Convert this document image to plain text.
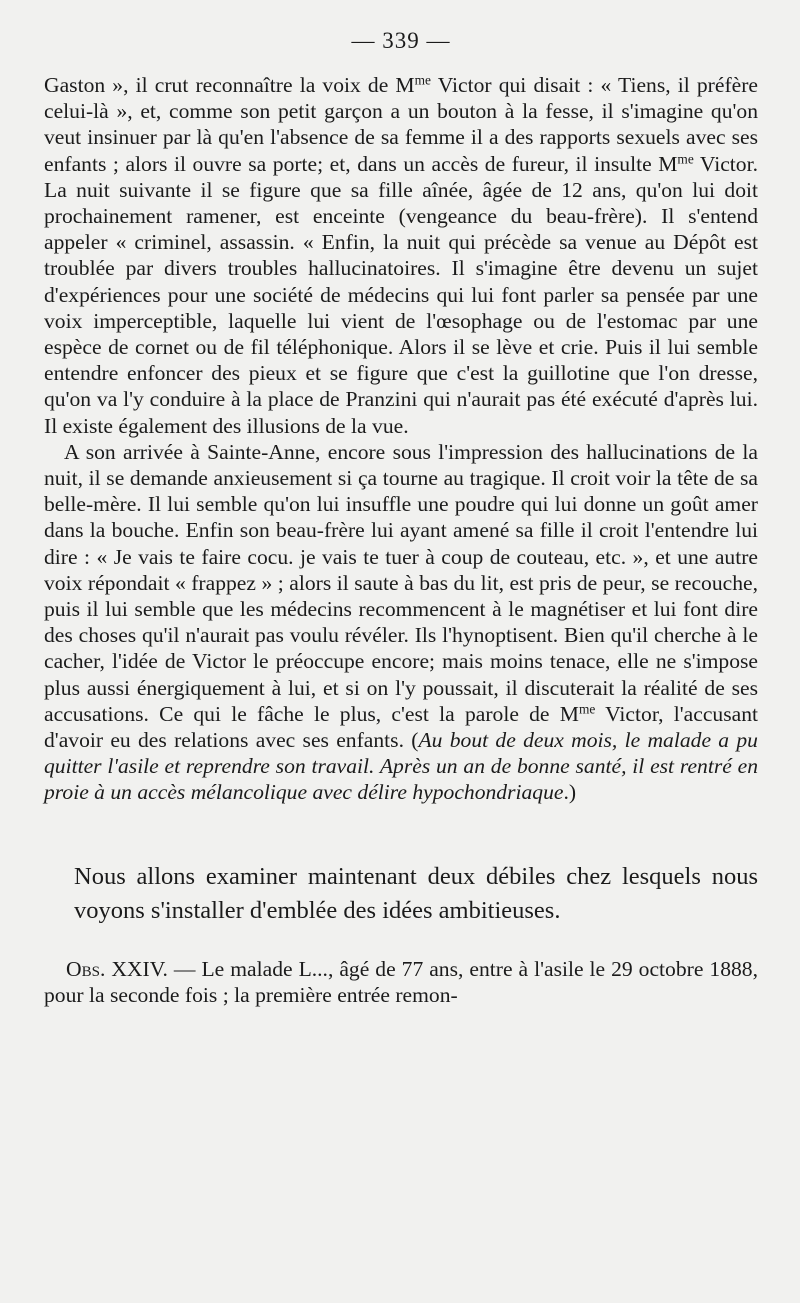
— 339 —

Gaston », il crut reconnaître la voix de $M^{me}$ Victor qui disait : « Tiens, il préfère celui-là », et, comme son petit garçon a un bouton à la fesse, il s'imagine qu'on veut insinuer par là qu'en l'absence de sa femme il a des rapports sexuels avec ses enfants ; alors il ouvre sa porte; et, dans un accès de fureur, il insulte $M^{me}$ Victor. La nuit suivante il se figure que sa fille aînée, âgée de 12 ans, qu'on lui doit prochainement ramener, est enceinte (vengeance du beau-frère). Il s'entend appeler « criminel, assassin. « Enfin, la nuit qui précède sa venue au Dépôt est troublée par divers troubles hallucinatoires. Il s'imagine être devenu un sujet d'expériences pour une société de médecins qui lui font parler sa pensée par une voix imperceptible, laquelle lui vient de l'œsophage ou de l'estomac par une espèce de cornet ou de fil téléphonique. Alors il se lève et crie. Puis il lui semble entendre enfoncer des pieux et se figure que c'est la guillotine que l'on dresse, qu'on va l'y conduire à la place de Pranzini qui n'aurait pas été exécuté d'après lui. Il existe également des illusions de la vue.

A son arrivée à Sainte-Anne, encore sous l'impression des hallucinations de la nuit, il se demande anxieusement si ça tourne au tragique. Il croit voir la tête de sa belle-mère. Il lui semble qu'on lui insuffle une poudre qui lui donne un goût amer dans la bouche. Enfin son beau-frère lui ayant amené sa fille il croit l'entendre lui dire : « Je vais te faire cocu. je vais te tuer à coup de couteau, etc. », et une autre voix répondait « frappez » ; alors il saute à bas du lit, est pris de peur, se recouche, puis il lui semble que les médecins recommencent à le magnétiser et lui font dire des choses qu'il n'aurait pas voulu révéler. Ils l'hynoptisent. Bien qu'il cherche à le cacher, l'idée de Victor le préoccupe encore; mais moins tenace, elle ne s'impose plus aussi énergiquement à lui, et si on l'y poussait, il discuterait la réalité de ses accusations. Ce qui le fâche le plus, c'est la parole de $M^{me}$ Victor, l'accusant d'avoir eu des relations avec ses enfants. (Au bout de deux mois, le malade a pu quitter l'asile et reprendre son travail. Après un an de bonne santé, il est rentré en proie à un accès mélancolique avec délire hypochondriaque.)

Nous allons examiner maintenant deux débiles chez lesquels nous voyons s'installer d'emblée des idées ambitieuses.

Obs. XXIV. — Le malade L..., âgé de 77 ans, entre à l'asile le 29 octobre 1888, pour la seconde fois ; la première entrée remon-
